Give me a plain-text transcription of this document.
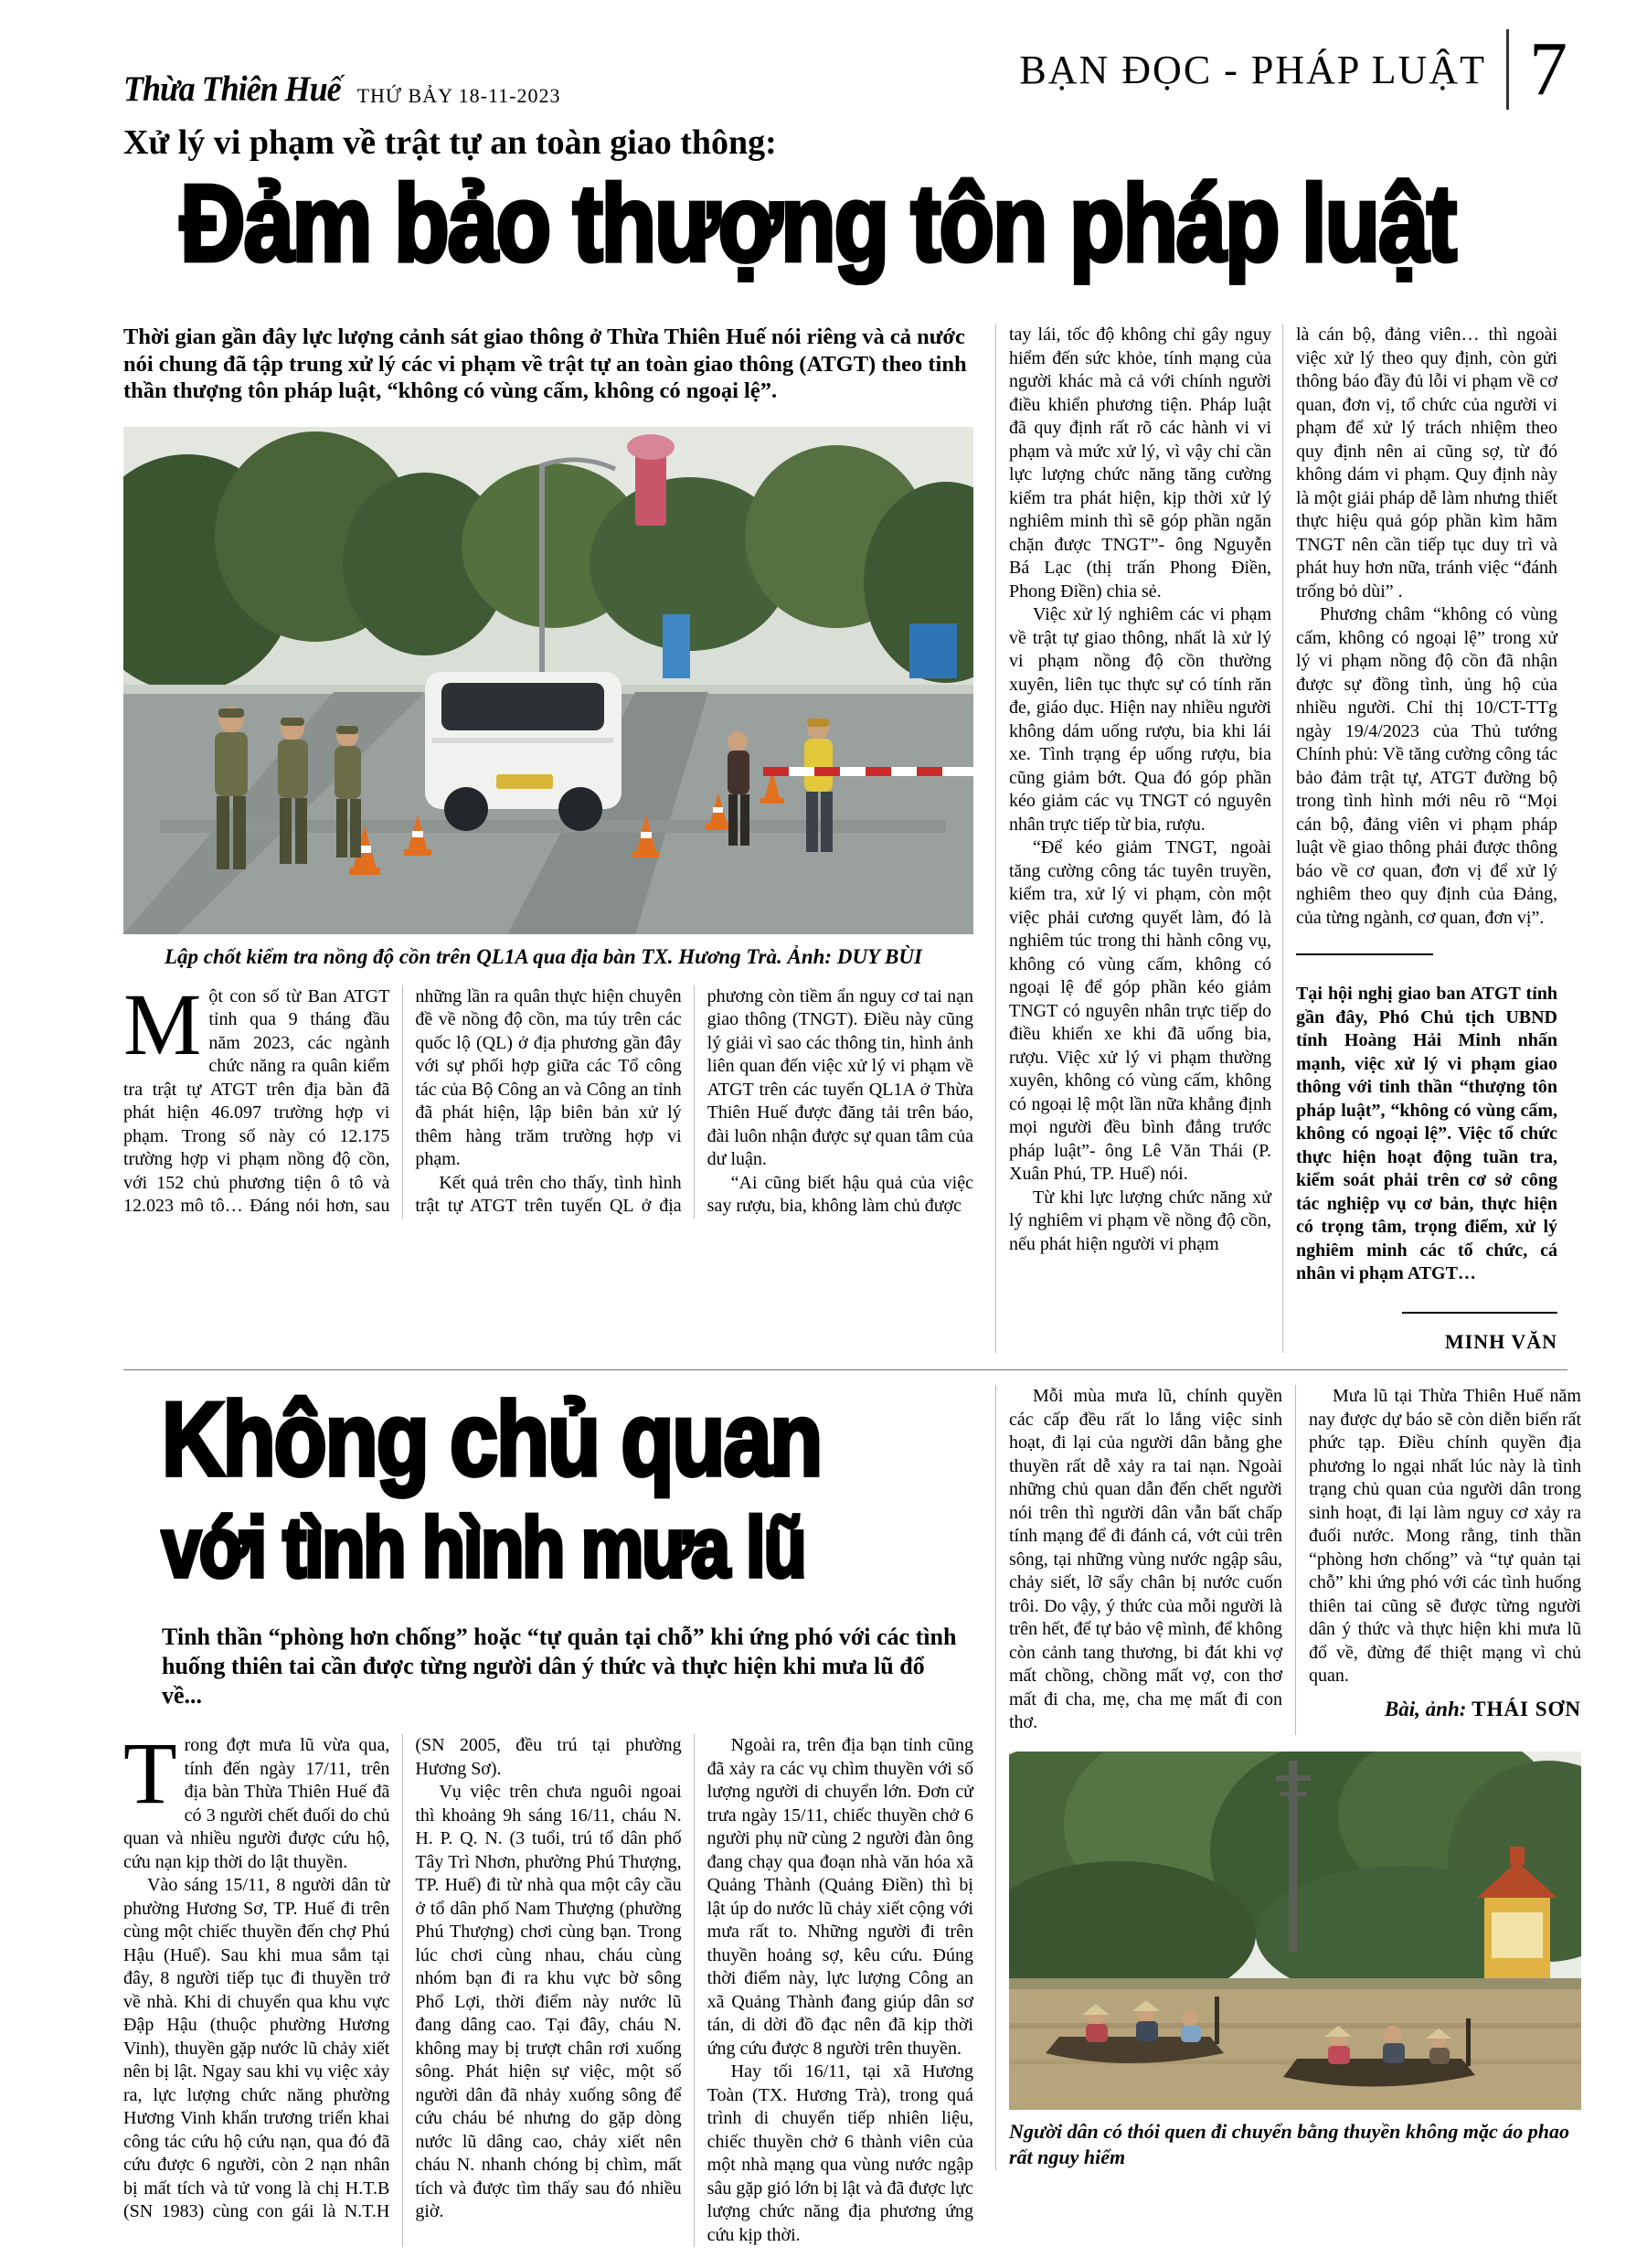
Thừa Thiên Huế THỨ BẢY 18-11-2023
BẠN ĐỌC - PHÁP LUẬT 7
Xử lý vi phạm về trật tự an toàn giao thông:
Đảm bảo thượng tôn pháp luật
Thời gian gần đây lực lượng cảnh sát giao thông ở Thừa Thiên Huế nói riêng và cả nước nói chung đã tập trung xử lý các vi phạm về trật tự an toàn giao thông (ATGT) theo tinh thần thượng tôn pháp luật, “không có vùng cấm, không có ngoại lệ”.
Lập chốt kiểm tra nồng độ cồn trên QL1A qua địa bàn TX. Hương Trà. Ảnh: DUY BÙI

Một con số từ Ban ATGT tỉnh qua 9 tháng đầu năm 2023, các ngành chức năng ra quân kiểm tra trật tự ATGT trên địa bàn đã phát hiện 46.097 trường hợp vi phạm. Trong số này có 12.175 trường hợp vi phạm nồng độ cồn, với 152 chủ phương tiện ô tô và 12.023 mô tô… Đáng nói hơn, sau những lần ra quân thực hiện chuyên đề về nồng độ cồn, ma túy trên các quốc lộ (QL) ở địa phương gần đây với sự phối hợp giữa các Tổ công tác của Bộ Công an và Công an tỉnh đã phát hiện, lập biên bản xử lý thêm hàng trăm trường hợp vi phạm.

Kết quả trên cho thấy, tình hình trật tự ATGT trên tuyến QL ở địa phương còn tiềm ẩn nguy cơ tai nạn giao thông (TNGT). Điều này cũng lý giải vì sao các thông tin, hình ảnh liên quan đến việc xử lý vi phạm về ATGT trên các tuyến QL1A ở Thừa Thiên Huế được đăng tải trên báo, đài luôn nhận được sự quan tâm của dư luận.

“Ai cũng biết hậu quả của việc say rượu, bia, không làm chủ được

tay lái, tốc độ không chỉ gây nguy hiểm đến sức khỏe, tính mạng của người khác mà cả với chính người điều khiển phương tiện. Pháp luật đã quy định rất rõ các hành vi vi phạm và mức xử lý, vì vậy chỉ cần lực lượng chức năng tăng cường kiểm tra phát hiện, kịp thời xử lý nghiêm minh thì sẽ góp phần ngăn chặn được TNGT”- ông Nguyễn Bá Lạc (thị trấn Phong Điền, Phong Điền) chia sẻ.

Việc xử lý nghiêm các vi phạm về trật tự giao thông, nhất là xử lý vi phạm nồng độ cồn thường xuyên, liên tục thực sự có tính răn đe, giáo dục. Hiện nay nhiều người không dám uống rượu, bia khi lái xe. Tình trạng ép uống rượu, bia cũng giảm bớt. Qua đó góp phần kéo giảm các vụ TNGT có nguyên nhân trực tiếp từ bia, rượu.

“Để kéo giảm TNGT, ngoài tăng cường công tác tuyên truyền, kiểm tra, xử lý vi phạm, còn một việc phải cương quyết làm, đó là nghiêm túc trong thi hành công vụ, không có vùng cấm, không có ngoại lệ để góp phần kéo giảm TNGT có nguyên nhân trực tiếp do điều khiển xe khi đã uống bia, rượu. Việc xử lý vi phạm thường xuyên, không có vùng cấm, không có ngoại lệ một lần nữa khẳng định mọi người đều bình đẳng trước pháp luật”- ông Lê Văn Thái (P. Xuân Phú, TP. Huế) nói.

Từ khi lực lượng chức năng xử lý nghiêm vi phạm về nồng độ cồn, nếu phát hiện người vi phạm

là cán bộ, đảng viên… thì ngoài việc xử lý theo quy định, còn gửi thông báo đầy đủ lỗi vi phạm về cơ quan, đơn vị, tổ chức của người vi phạm để xử lý trách nhiệm theo quy định nên ai cũng sợ, từ đó không dám vi phạm. Quy định này là một giải pháp dễ làm nhưng thiết thực hiệu quả góp phần kìm hãm TNGT nên cần tiếp tục duy trì và phát huy hơn nữa, tránh việc “đánh trống bỏ dùi” .

Phương châm “không có vùng cấm, không có ngoại lệ” trong xử lý vi phạm nồng độ cồn đã nhận được sự đồng tình, ủng hộ của nhiều người. Chỉ thị 10/CT-TTg ngày 19/4/2023 của Thủ tướng Chính phủ: Về tăng cường công tác bảo đảm trật tự, ATGT đường bộ trong tình hình mới nêu rõ “Mọi cán bộ, đảng viên vi phạm pháp luật về giao thông phải được thông báo về cơ quan, đơn vị để xử lý nghiêm theo quy định của Đảng, của từng ngành, cơ quan, đơn vị”.

Tại hội nghị giao ban ATGT tỉnh gần đây, Phó Chủ tịch UBND tỉnh Hoàng Hải Minh nhấn mạnh, việc xử lý vi phạm giao thông với tinh thần “thượng tôn pháp luật”, “không có vùng cấm, không có ngoại lệ”. Việc tổ chức thực hiện hoạt động tuần tra, kiểm soát phải trên cơ sở công tác nghiệp vụ cơ bản, thực hiện có trọng tâm, trọng điểm, xử lý nghiêm minh các tổ chức, cá nhân vi phạm ATGT…

MINH VĂN
Không chủ quan
với tình hình mưa lũ
Tinh thần “phòng hơn chống” hoặc “tự quản tại chỗ” khi ứng phó với các tình huống thiên tai cần được từng người dân ý thức và thực hiện khi mưa lũ đổ về...

Trong đợt mưa lũ vừa qua, tính đến ngày 17/11, trên địa bàn Thừa Thiên Huế đã có 3 người chết đuối do chủ quan và nhiều người được cứu hộ, cứu nạn kịp thời do lật thuyền.

Vào sáng 15/11, 8 người dân từ phường Hương Sơ, TP. Huế đi trên cùng một chiếc thuyền đến chợ Phú Hậu (Huế). Sau khi mua sắm tại đây, 8 người tiếp tục đi thuyền trở về nhà. Khi di chuyển qua khu vực Đập Hậu (thuộc phường Hương Vinh), thuyền gặp nước lũ chảy xiết nên bị lật. Ngay sau khi vụ việc xảy ra, lực lượng chức năng phường Hương Vinh khẩn trương triển khai công tác cứu hộ cứu nạn, qua đó đã cứu được 6 người, còn 2 nạn nhân bị mất tích và tử vong là chị H.T.B (SN 1983) cùng con gái là N.T.H (SN 2005, đều trú tại phường Hương Sơ).

Vụ việc trên chưa nguôi ngoai thì khoảng 9h sáng 16/11, cháu N. H. P. Q. N. (3 tuổi, trú tổ dân phố Tây Trì Nhơn, phường Phú Thượng, TP. Huế) đi từ nhà qua một cây cầu ở tổ dân phố Nam Thượng (phường Phú Thượng) chơi cùng bạn. Trong lúc chơi cùng nhau, cháu cùng nhóm bạn đi ra khu vực bờ sông Phổ Lợi, thời điểm này nước lũ đang dâng cao. Tại đây, cháu N. không may bị trượt chân rơi xuống sông. Phát hiện sự việc, một số người dân đã nhảy xuống sông để cứu cháu bé nhưng do gặp dòng nước lũ dâng cao, chảy xiết nên cháu N. nhanh chóng bị chìm, mất tích và được tìm thấy sau đó nhiều giờ.

Ngoài ra, trên địa bạn tỉnh cũng đã xảy ra các vụ chìm thuyền với số lượng người di chuyển lớn. Đơn cử trưa ngày 15/11, chiếc thuyền chở 6 người phụ nữ cùng 2 người đàn ông đang chạy qua đoạn nhà văn hóa xã Quảng Thành (Quảng Điền) thì bị lật úp do nước lũ chảy xiết cộng với mưa rất to. Những người đi trên thuyền hoảng sợ, kêu cứu. Đúng thời điểm này, lực lượng Công an xã Quảng Thành đang giúp dân sơ tán, di dời đồ đạc nên đã kịp thời ứng cứu được 8 người trên thuyền.

Hay tối 16/11, tại xã Hương Toàn (TX. Hương Trà), trong quá trình di chuyển tiếp nhiên liệu, chiếc thuyền chở 6 thành viên của một nhà mạng qua vùng nước ngập sâu gặp gió lớn bị lật và đã được lực lượng chức năng địa phương ứng cứu kịp thời.

Mỗi mùa mưa lũ, chính quyền các cấp đều rất lo lắng việc sinh hoạt, đi lại của người dân bằng ghe thuyền rất dễ xảy ra tai nạn. Ngoài những chủ quan dẫn đến chết người nói trên thì người dân vẫn bất chấp tính mạng để đi đánh cá, vớt củi trên sông, tại những vùng nước ngập sâu, chảy siết, lỡ sẩy chân bị nước cuốn trôi. Do vậy, ý thức của mỗi người là trên hết, để tự bảo vệ mình, để không còn cảnh tang thương, bi đát khi vợ mất chồng, chồng mất vợ, con thơ mất đi cha, mẹ, cha mẹ mất đi con thơ.

Mưa lũ tại Thừa Thiên Huế năm nay được dự báo sẽ còn diễn biến rất phức tạp. Điều chính quyền địa phương lo ngại nhất lúc này là tình trạng chủ quan của người dân trong sinh hoạt, đi lại làm nguy cơ xảy ra đuối nước. Mong rằng, tinh thần “phòng hơn chống” và “tự quản tại chỗ” khi ứng phó với các tình huống thiên tai cũng sẽ được từng người dân ý thức và thực hiện khi mưa lũ đổ về, đừng để thiệt mạng vì chủ quan.

Bài, ảnh: THÁI SƠN
Người dân có thói quen đi chuyển bằng thuyền không mặc áo phao rất nguy hiểm
